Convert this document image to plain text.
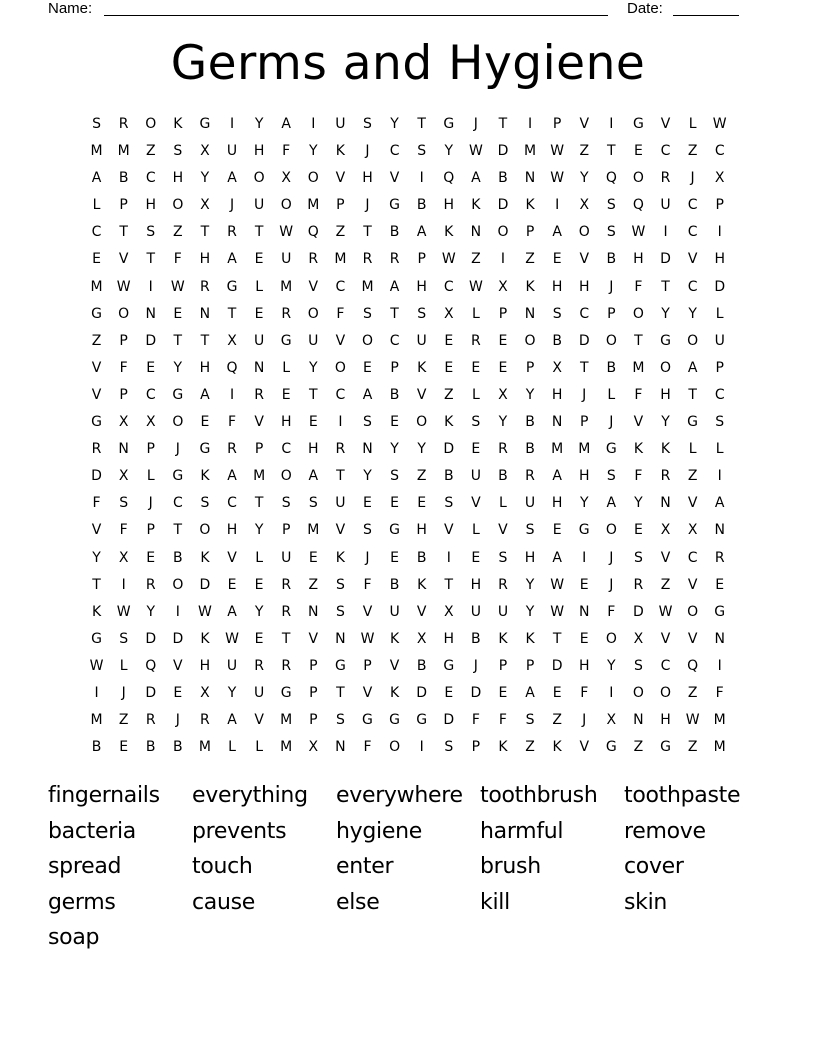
Name:	Date:
Germs and Hygiene
S	R	O	K	G	I	Y	A	I	U	S	Y	T	G	J	T	I	P	V	I	G	V	L	W
M	M	Z	S	X	U	H	F	Y	K	J	C	S	Y	W	D	M	W	Z	T	E	C	Z	C
A	B	C	H	Y	A	O	X	O	V	H	V	I	Q	A	B	N	W	Y	Q	O	R	J	X
L	P	H	O	X	J	U	O	M	P	J	G	B	H	K	D	K	I	X	S	Q	U	C	P
C	T	S	Z	T	R	T	W	Q	Z	T	B	A	K	N	O	P	A	O	S	W	I	C	I
E	V	T	F	H	A	E	U	R	M	R	R	P	W	Z	I	Z	E	V	B	H	D	V	H
M	W	I	W	R	G	L	M	V	C	M	A	H	C	W	X	K	H	H	J	F	T	C	D
G	O	N	E	N	T	E	R	O	F	S	T	S	X	L	P	N	S	C	P	O	Y	Y	L
Z	P	D	T	T	X	U	G	U	V	O	C	U	E	R	E	O	B	D	O	T	G	O	U
V	F	E	Y	H	Q	N	L	Y	O	E	P	K	E	E	E	P	X	T	B	M	O	A	P
V	P	C	G	A	I	R	E	T	C	A	B	V	Z	L	X	Y	H	J	L	F	H	T	C
G	X	X	O	E	F	V	H	E	I	S	E	O	K	S	Y	B	N	P	J	V	Y	G	S
R	N	P	J	G	R	P	C	H	R	N	Y	Y	D	E	R	B	M	M	G	K	K	L	L
D	X	L	G	K	A	M	O	A	T	Y	S	Z	B	U	B	R	A	H	S	F	R	Z	I
F	S	J	C	S	C	T	S	S	U	E	E	E	S	V	L	U	H	Y	A	Y	N	V	A
V	F	P	T	O	H	Y	P	M	V	S	G	H	V	L	V	S	E	G	O	E	X	X	N
Y	X	E	B	K	V	L	U	E	K	J	E	B	I	E	S	H	A	I	J	S	V	C	R
T	I	R	O	D	E	E	R	Z	S	F	B	K	T	H	R	Y	W	E	J	R	Z	V	E
K	W	Y	I	W	A	Y	R	N	S	V	U	V	X	U	U	Y	W	N	F	D	W	O	G
G	S	D	D	K	W	E	T	V	N	W	K	X	H	B	K	K	T	E	O	X	V	V	N
W	L	Q	V	H	U	R	R	P	G	P	V	B	G	J	P	P	D	H	Y	S	C	Q	I
I	J	D	E	X	Y	U	G	P	T	V	K	D	E	D	E	A	E	F	I	O	O	Z	F
M	Z	R	J	R	A	V	M	P	S	G	G	G	D	F	F	S	Z	J	X	N	H	W	M
B	E	B	B	M	L	L	M	X	N	F	O	I	S	P	K	Z	K	V	G	Z	G	Z	M
fingernails	everything	everywhere toothbrush	toothpaste
bacteria	prevents	hygiene	harmful	remove
spread	touch	enter	brush	cover
germs	cause	else	kill	skin
soap
